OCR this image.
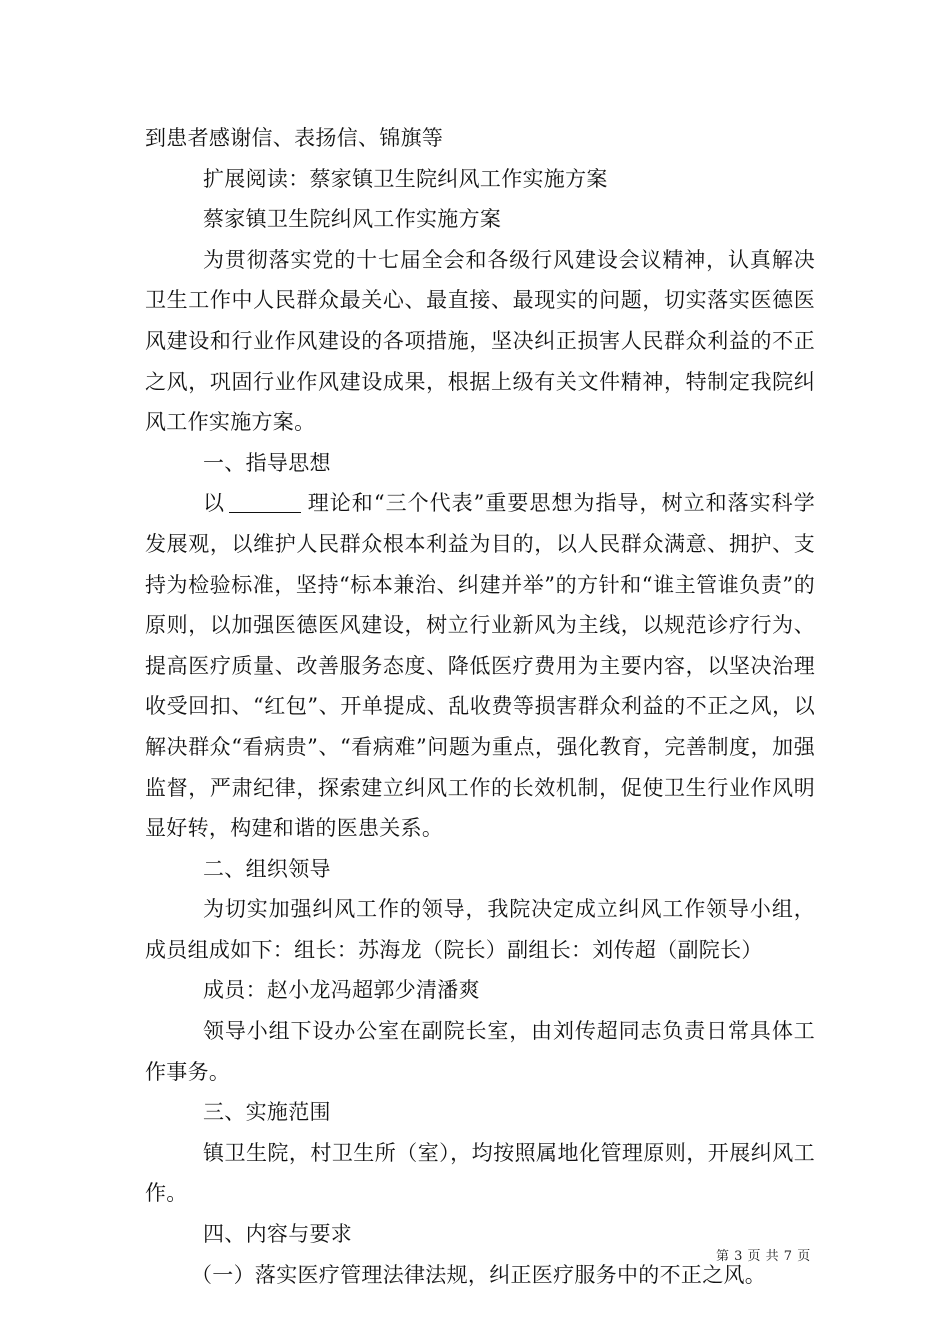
到患者感谢信、表扬信、锦旗等

扩展阅读：蔡家镇卫生院纠风工作实施方案

蔡家镇卫生院纠风工作实施方案

为贯彻落实党的十七届全会和各级行风建设会议精神，认真解决卫生工作中人民群众最关心、最直接、最现实的问题，切实落实医德医风建设和行业作风建设的各项措施，坚决纠正损害人民群众利益的不正之风，巩固行业作风建设成果，根据上级有关文件精神，特制定我院纠风工作实施方案。

一、指导思想

以	理论和“三个代表”重要思想为指导，树立和落实科学发展观，以维护人民群众根本利益为目的，以人民群众满意、拥护、支持为检验标准，坚持“标本兼治、纠建并举”的方针和“谁主管谁负责”的原则，以加强医德医风建设，树立行业新风为主线，以规范诊疗行为、提高医疗质量、改善服务态度、降低医疗费用为主要内容，以坚决治理收受回扣、“红包”、开单提成、乱收费等损害群众利益的不正之风，以解决群众“看病贵”、“看病难”问题为重点，强化教育，完善制度，加强监督，严肃纪律，探索建立纠风工作的长效机制，促使卫生行业作风明显好转，构建和谐的医患关系。

二、组织领导

为切实加强纠风工作的领导，我院决定成立纠风工作领导小组，成员组成如下：组长：苏海龙（院长）副组长：刘传超（副院长）

成员：赵小龙冯超郭少清潘爽

领导小组下设办公室在副院长室，由刘传超同志负责日常具体工作事务。

三、实施范围

镇卫生院，村卫生所（室），均按照属地化管理原则，开展纠风工作。

四、内容与要求

（一）落实医疗管理法律法规，纠正医疗服务中的不正之风。

第 3 页 共 7 页
